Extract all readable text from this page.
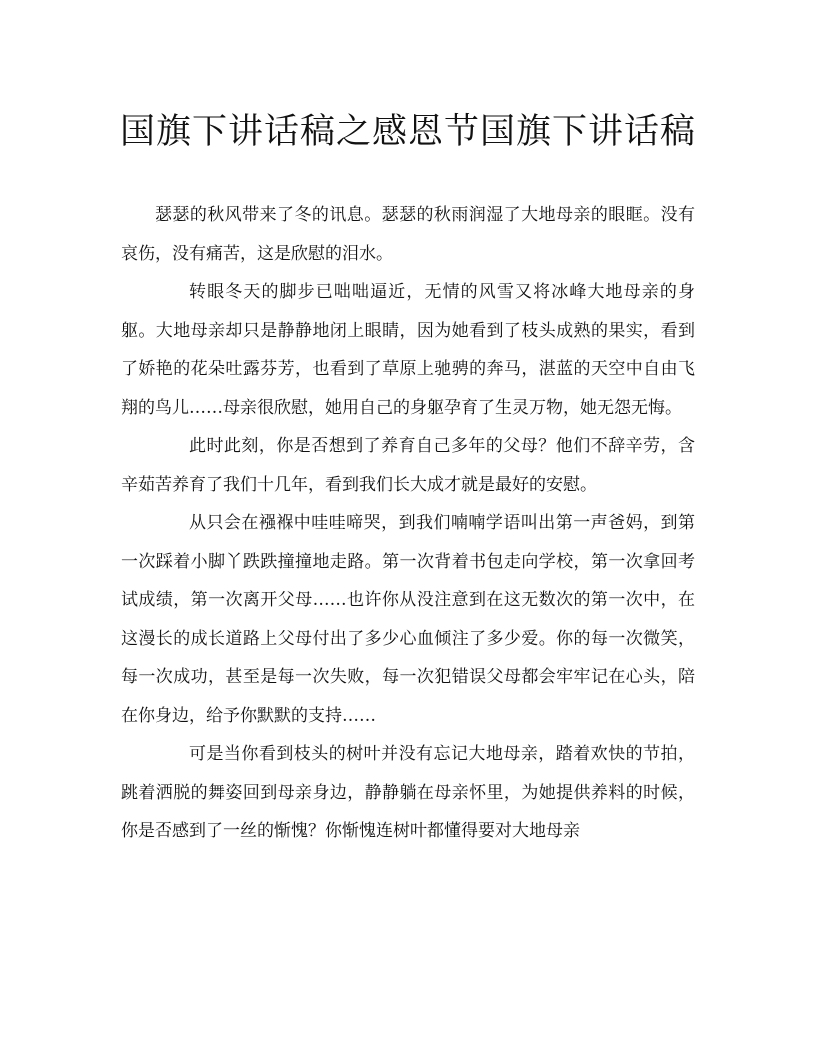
国旗下讲话稿之感恩节国旗下讲话稿

瑟瑟的秋风带来了冬的讯息。瑟瑟的秋雨润湿了大地母亲的眼眶。没有哀伤，没有痛苦，这是欣慰的泪水。

转眼冬天的脚步已咄咄逼近，无情的风雪又将冰峰大地母亲的身躯。大地母亲却只是静静地闭上眼睛，因为她看到了枝头成熟的果实，看到了娇艳的花朵吐露芬芳，也看到了草原上驰骋的奔马，湛蓝的天空中自由飞翔的鸟儿……母亲很欣慰，她用自己的身躯孕育了生灵万物，她无怨无悔。

此时此刻，你是否想到了养育自己多年的父母？他们不辞辛劳，含辛茹苦养育了我们十几年，看到我们长大成才就是最好的安慰。

从只会在襁褓中哇哇啼哭，到我们喃喃学语叫出第一声爸妈，到第一次踩着小脚丫跌跌撞撞地走路。第一次背着书包走向学校，第一次拿回考试成绩，第一次离开父母……也许你从没注意到在这无数次的第一次中，在这漫长的成长道路上父母付出了多少心血倾注了多少爱。你的每一次微笑，每一次成功，甚至是每一次失败，每一次犯错误父母都会牢牢记在心头，陪在你身边，给予你默默的支持……

可是当你看到枝头的树叶并没有忘记大地母亲，踏着欢快的节拍，跳着洒脱的舞姿回到母亲身边，静静躺在母亲怀里，为她提供养料的时候，你是否感到了一丝的惭愧？你惭愧连树叶都懂得要对大地母亲
